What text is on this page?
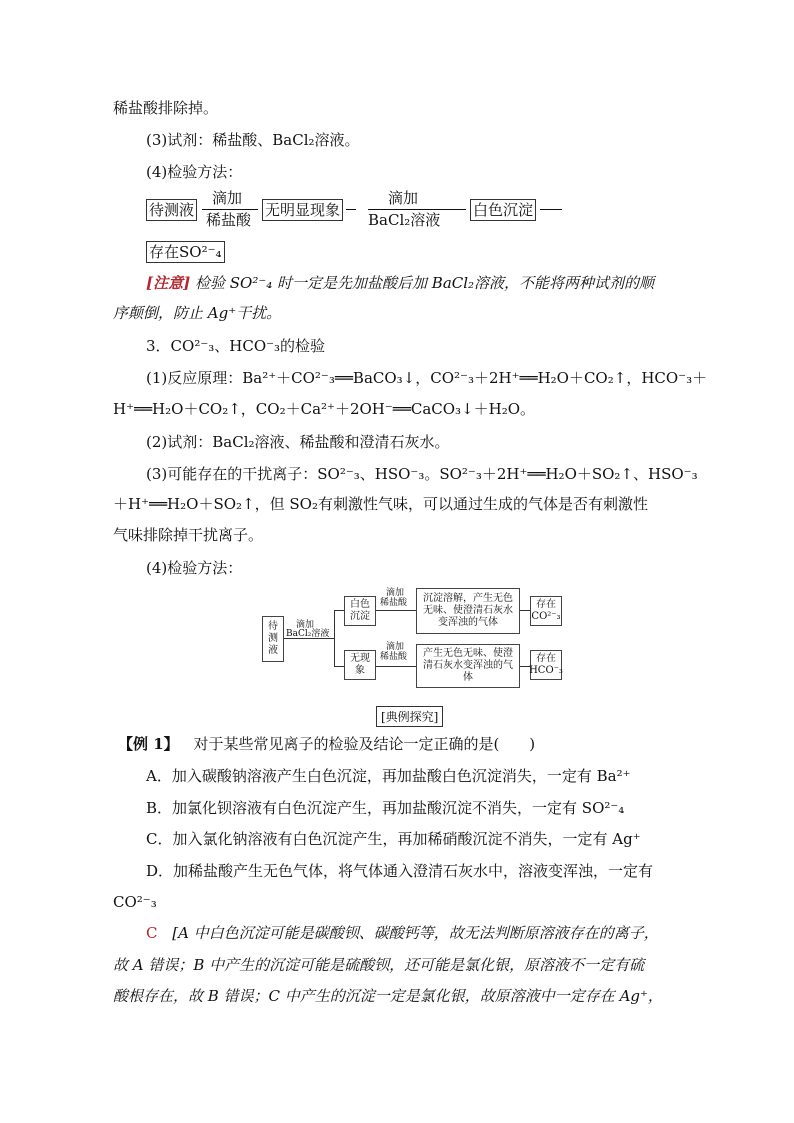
稀盐酸排除掉。
(3)试剂：稀盐酸、BaCl₂溶液。
(4)检验方法：
待测液
滴加
稀盐酸
无明显现象
滴加
BaCl₂溶液
白色沉淀
存在SO²⁻₄
[注意] 检验 SO²⁻₄ 时一定是先加盐酸后加 BaCl₂溶液，不能将两种试剂的顺
序颠倒，防止 Ag⁺干扰。
3．CO²⁻₃、HCO⁻₃的检验
(1)反应原理：Ba²⁺＋CO²⁻₃══BaCO₃↓，CO²⁻₃＋2H⁺══H₂O＋CO₂↑，HCO⁻₃＋
H⁺══H₂O＋CO₂↑，CO₂＋Ca²⁺＋2OH⁻══CaCO₃↓＋H₂O。
(2)试剂：BaCl₂溶液、稀盐酸和澄清石灰水。
(3)可能存在的干扰离子：SO²⁻₃、HSO⁻₃。SO²⁻₃＋2H⁺══H₂O＋SO₂↑、HSO⁻₃
＋H⁺══H₂O＋SO₂↑，但 SO₂有刺激性气味，可以通过生成的气体是否有刺激性
气味排除掉干扰离子。
(4)检验方法：
待测液
滴加
BaCl₂溶液
白色沉淀
无现象
滴加
稀盐酸
滴加
稀盐酸
沉淀溶解，产生无色无味、使澄清石灰水变浑浊的气体
产生无色无味、使澄清石灰水变浑浊的气体
存在CO²⁻₃
存在HCO⁻₃
[典例探究]
【例 1】 对于某些常见离子的检验及结论一定正确的是(　　)
A．加入碳酸钠溶液产生白色沉淀，再加盐酸白色沉淀消失，一定有 Ba²⁺
B．加氯化钡溶液有白色沉淀产生，再加盐酸沉淀不消失，一定有 SO²⁻₄
C．加入氯化钠溶液有白色沉淀产生，再加稀硝酸沉淀不消失，一定有 Ag⁺
D．加稀盐酸产生无色气体，将气体通入澄清石灰水中，溶液变浑浊，一定有
CO²⁻₃
C [A 中白色沉淀可能是碳酸钡、碳酸钙等，故无法判断原溶液存在的离子，
故 A 错误；B 中产生的沉淀可能是硫酸钡，还可能是氯化银，原溶液不一定有硫
酸根存在，故 B 错误；C 中产生的沉淀一定是氯化银，故原溶液中一定存在 Ag⁺，
